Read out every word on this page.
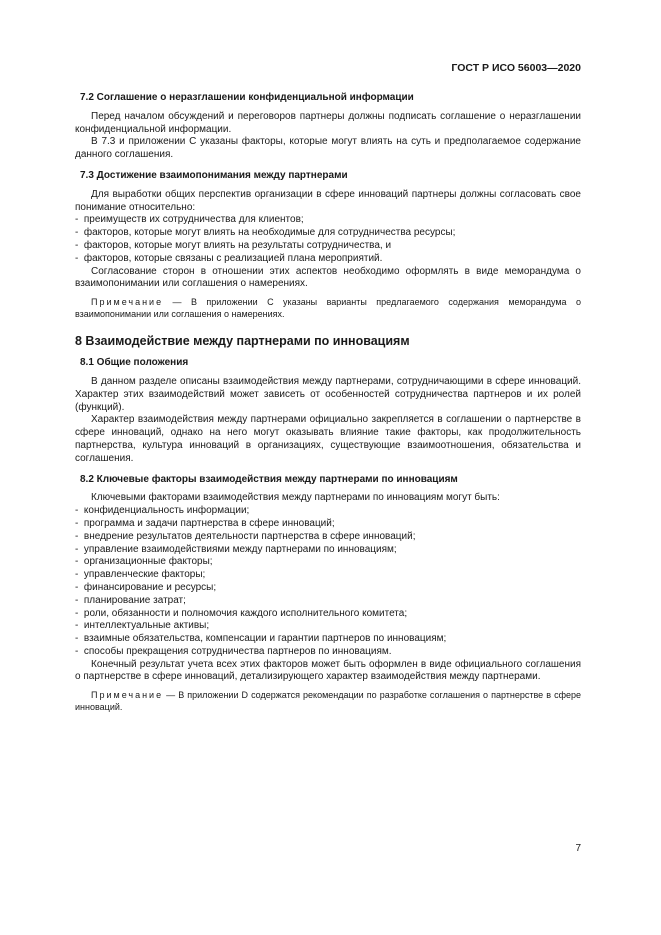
ГОСТ Р ИСО 56003—2020
7.2 Соглашение о неразглашении конфиденциальной информации

Перед началом обсуждений и переговоров партнеры должны подписать соглашение о неразглашении конфиденциальной информации.

В 7.3 и приложении C указаны факторы, которые могут влиять на суть и предполагаемое содержание данного соглашения.

7.3 Достижение взаимопонимания между партнерами

Для выработки общих перспектив организации в сфере инноваций партнеры должны согласовать свое понимание относительно:

-  преимуществ их сотрудничества для клиентов;
-  факторов, которые могут влиять на необходимые для сотрудничества ресурсы;
-  факторов, которые могут влиять на результаты сотрудничества, и
-  факторов, которые связаны с реализацией плана мероприятий.

Согласование сторон в отношении этих аспектов необходимо оформлять в виде меморандума о взаимопонимании или соглашения о намерениях.

Примечание — В приложении C указаны варианты предлагаемого содержания меморандума о взаимопонимании или соглашения о намерениях.

8 Взаимодействие между партнерами по инновациям
8.1 Общие положения

В данном разделе описаны взаимодействия между партнерами, сотрудничающими в сфере инноваций. Характер этих взаимодействий может зависеть от особенностей сотрудничества партнеров и их ролей (функций).

Характер взаимодействия между партнерами официально закрепляется в соглашении о партнерстве в сфере инноваций, однако на него могут оказывать влияние такие факторы, как продолжительность партнерства, культура инноваций в организациях, существующие взаимоотношения, обязательства и соглашения.

8.2 Ключевые факторы взаимодействия между партнерами по инновациям

Ключевыми факторами взаимодействия между партнерами по инновациям могут быть:

-  конфиденциальность информации;
-  программа и задачи партнерства в сфере инноваций;
-  внедрение результатов деятельности партнерства в сфере инноваций;
-  управление взаимодействиями между партнерами по инновациям;
-  организационные факторы;
-  управленческие факторы;
-  финансирование и ресурсы;
-  планирование затрат;
-  роли, обязанности и полномочия каждого исполнительного комитета;
-  интеллектуальные активы;
-  взаимные обязательства, компенсации и гарантии партнеров по инновациям;
-  способы прекращения сотрудничества партнеров по инновациям.

Конечный результат учета всех этих факторов может быть оформлен в виде официального соглашения о партнерстве в сфере инноваций, детализирующего характер взаимодействия между партнерами.

Примечание — В приложении D содержатся рекомендации по разработке соглашения о партнерстве в сфере инноваций.

7
